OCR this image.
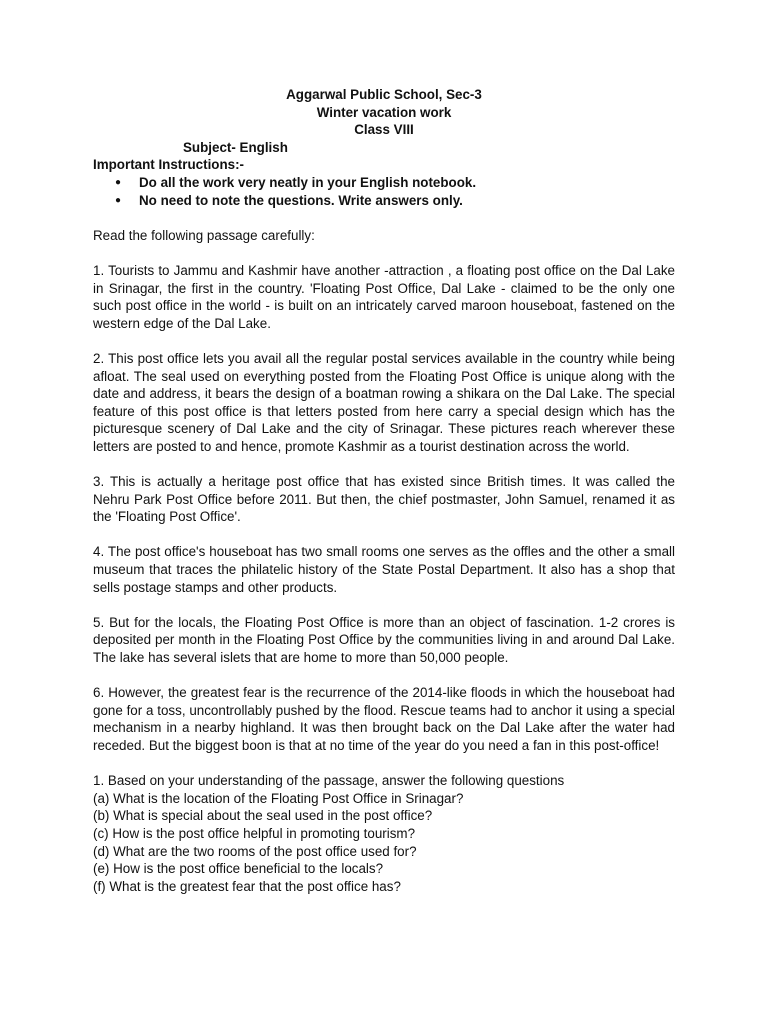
Aggarwal Public School, Sec-3

Winter vacation work

Class VIII

Subject- English

Important Instructions:-

● Do all the work very neatly in your English notebook.
● No need to note the questions. Write answers only.

Read the following passage carefully:

1. Tourists to Jammu and Kashmir have another -attraction , a floating post office on the Dal Lake in Srinagar, the first in the country. 'Floating Post Office, Dal Lake - claimed to be the only one such post office in the world - is built on an intricately carved maroon houseboat, fastened on the western edge of the Dal Lake.

2. This post office lets you avail all the regular postal services available in the country while being afloat. The seal used on everything posted from the Floating Post Office is unique along with the date and address, it bears the design of a boatman rowing a shikara on the Dal Lake. The special feature of this post office is that letters posted from here carry a special design which has the picturesque scenery of Dal Lake and the city of Srinagar. These pictures reach wherever these letters are posted to and hence, promote Kashmir as a tourist destination across the world.

3. This is actually a heritage post office that has existed since British times. It was called the Nehru Park Post Office before 2011. But then, the chief postmaster, John Samuel, renamed it as the 'Floating Post Office'.

4. The post office's houseboat has two small rooms one serves as the offles and the other a small museum that traces the philatelic history of the State Postal Department. It also has a shop that sells postage stamps and other products.

5. But for the locals, the Floating Post Office is more than an object of fascination. 1-2 crores is deposited per month in the Floating Post Office by the communities living in and around Dal Lake. The lake has several islets that are home to more than 50,000 people.

6. However, the greatest fear is the recurrence of the 2014-like floods in which the houseboat had gone for a toss, uncontrollably pushed by the flood. Rescue teams had to anchor it using a special mechanism in a nearby highland. It was then brought back on the Dal Lake after the water had receded. But the biggest boon is that at no time of the year do you need a fan in this post-office!

1. Based on your understanding of the passage, answer the following questions
(a) What is the location of the Floating Post Office in Srinagar?
(b) What is special about the seal used in the post office?
(c) How is the post office helpful in promoting tourism?
(d) What are the two rooms of the post office used for?
(e) How is the post office beneficial to the locals?
(f) What is the greatest fear that the post office has?
